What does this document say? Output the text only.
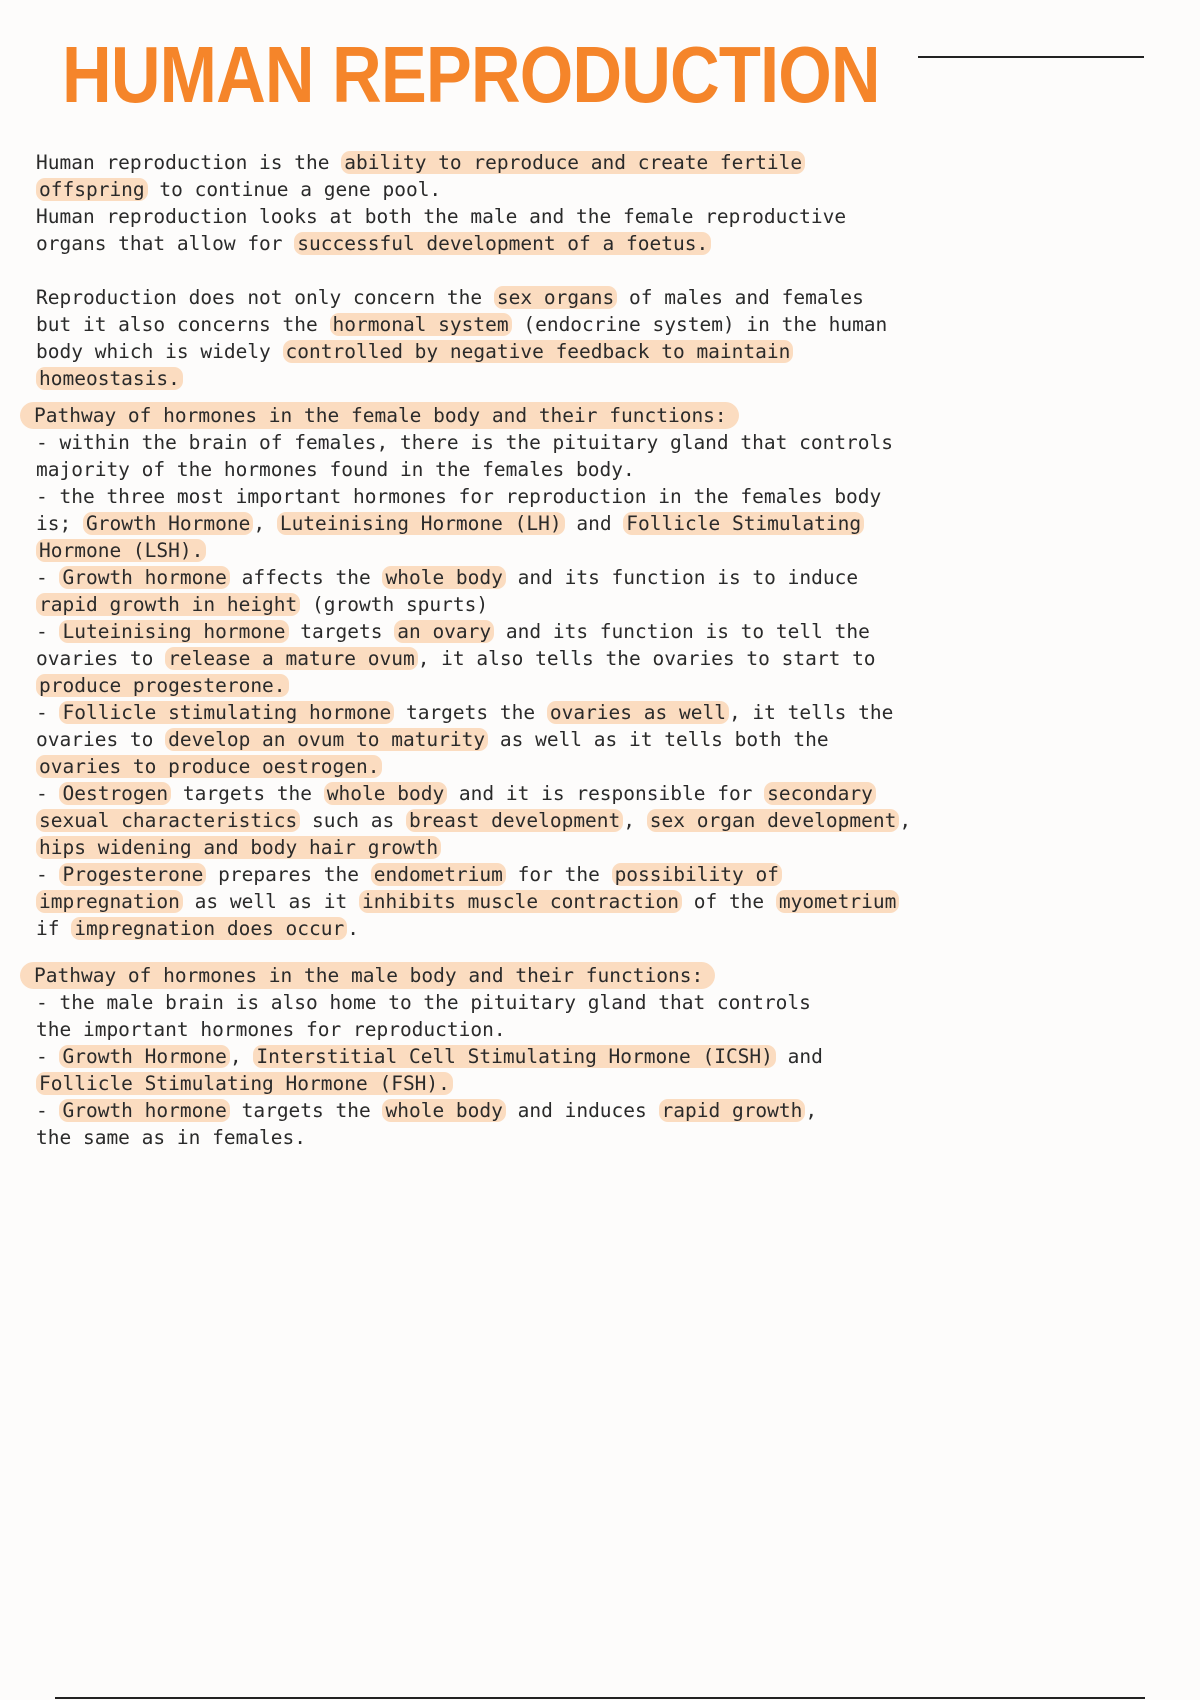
HUMAN REPRODUCTION
Human reproduction is the ability to reproduce and create fertile
offspring to continue a gene pool.
Human reproduction looks at both the male and the female reproductive
organs that allow for successful development of a foetus.
Reproduction does not only concern the sex organs of males and females
but it also concerns the hormonal system (endocrine system) in the human
body which is widely controlled by negative feedback to maintain
homeostasis.
Pathway of hormones in the female body and their functions:
- within the brain of females, there is the pituitary gland that controls
majority of the hormones found in the females body.
- the three most important hormones for reproduction in the females body
is; Growth Hormone , Luteinising Hormone (LH) and Follicle Stimulating
Hormone (LSH).
- Growth hormone affects the whole body and its function is to induce
rapid growth in height (growth spurts)
- Luteinising hormone targets an ovary and its function is to tell the
ovaries to release a mature ovum , it also tells the ovaries to start to
produce progesterone.
- Follicle stimulating hormone targets the ovaries as well , it tells the
ovaries to develop an ovum to maturity as well as it tells both the
ovaries to produce oestrogen.
- Oestrogen targets the whole body and it is responsible for secondary
sexual characteristics such as breast development , sex organ development ,
hips widening and body hair growth
- Progesterone prepares the endometrium for the possibility of
impregnation as well as it inhibits muscle contraction of the myometrium
if impregnation does occur .
Pathway of hormones in the male body and their functions:
- the male brain is also home to the pituitary gland that controls
the important hormones for reproduction.
- Growth Hormone , Interstitial Cell Stimulating Hormone (ICSH) and
Follicle Stimulating Hormone (FSH).
- Growth hormone targets the whole body and induces rapid growth ,
the same as in females.
